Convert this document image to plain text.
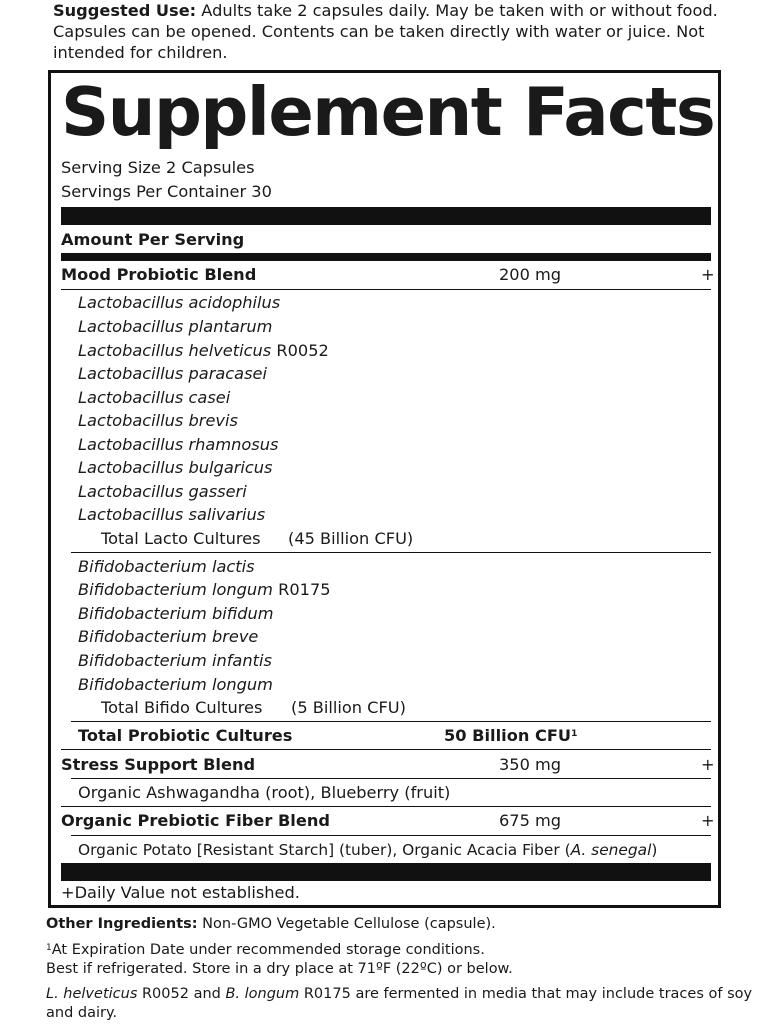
Suggested Use: Adults take 2 capsules daily. May be taken with or without food. Capsules can be opened. Contents can be taken directly with water or juice. Not intended for children.
Supplement Facts
Serving Size 2 Capsules
Servings Per Container 30
Amount Per Serving
Mood Probiotic Blend	200 mg	+
Lactobacillus acidophilus
Lactobacillus plantarum
Lactobacillus helveticus R0052
Lactobacillus paracasei
Lactobacillus casei
Lactobacillus brevis
Lactobacillus rhamnosus
Lactobacillus bulgaricus
Lactobacillus gasseri
Lactobacillus salivarius
Total Lacto Cultures (45 Billion CFU)
Bifidobacterium lactis
Bifidobacterium longum R0175
Bifidobacterium bifidum
Bifidobacterium breve
Bifidobacterium infantis
Bifidobacterium longum
Total Bifido Cultures (5 Billion CFU)
Total Probiotic Cultures	50 Billion CFU$^1$
Stress Support Blend	350 mg	+
Organic Ashwagandha (root), Blueberry (fruit)
Organic Prebiotic Fiber Blend	675 mg	+
Organic Potato [Resistant Starch] (tuber), Organic Acacia Fiber (A. senegal)
+Daily Value not established.
Other Ingredients: Non-GMO Vegetable Cellulose (capsule).
$^1$At Expiration Date under recommended storage conditions.
Best if refrigerated. Store in a dry place at 71ºF (22ºC) or below.
L. helveticus R0052 and B. longum R0175 are fermented in media that may include traces of soy and dairy.
